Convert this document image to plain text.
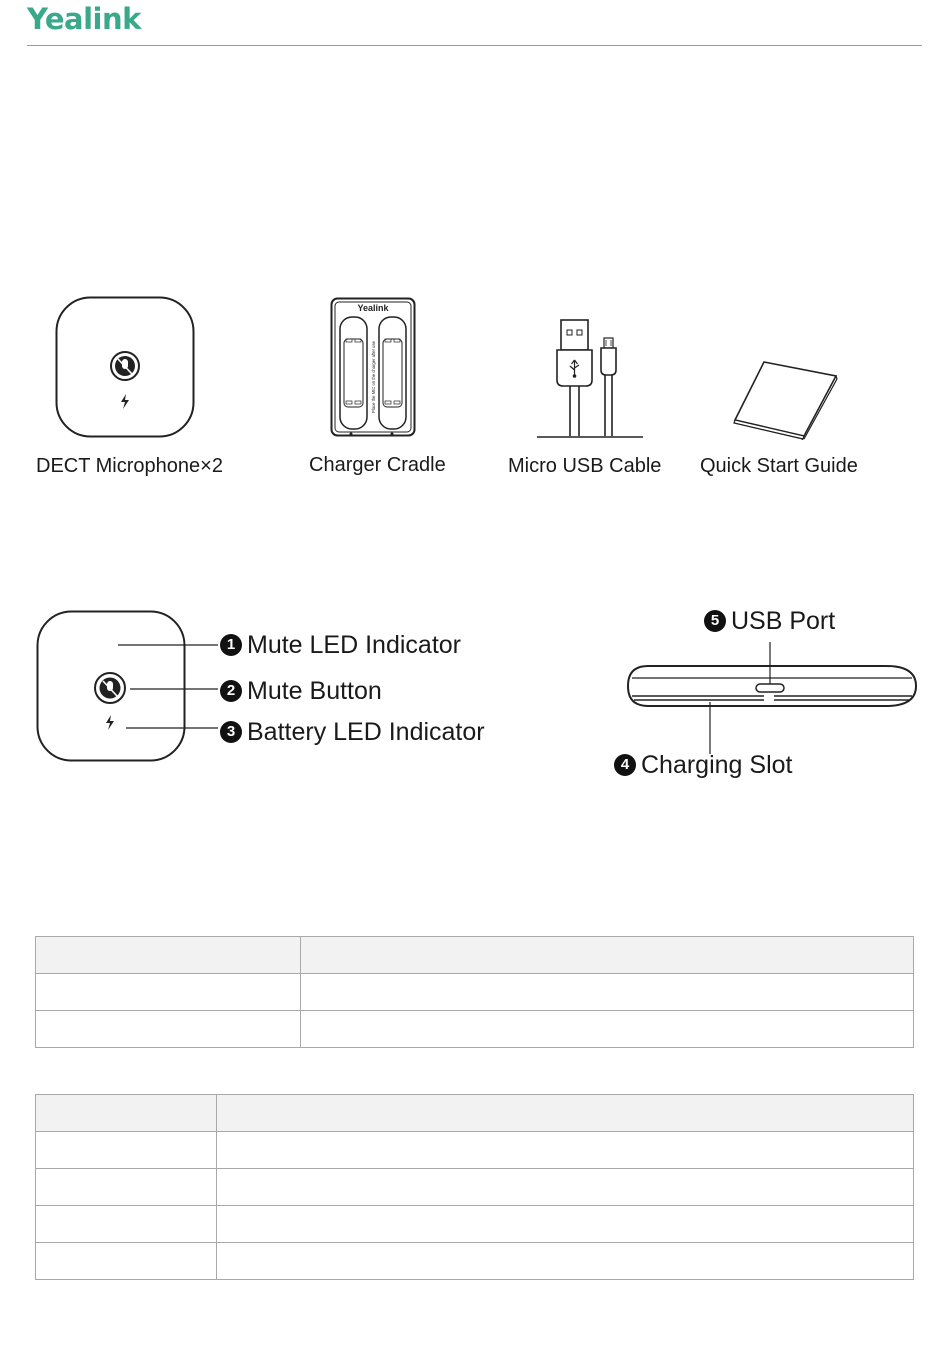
Yealink
Yealink
Place the MIC on the charger after use
DECT Microphone×2	Charger Cradle	Micro USB Cable Quick Start Guide
1 Mute LED Indicator
2 Mute Button
3 Battery LED Indicator
5 USB Port
4 Charging Slot
